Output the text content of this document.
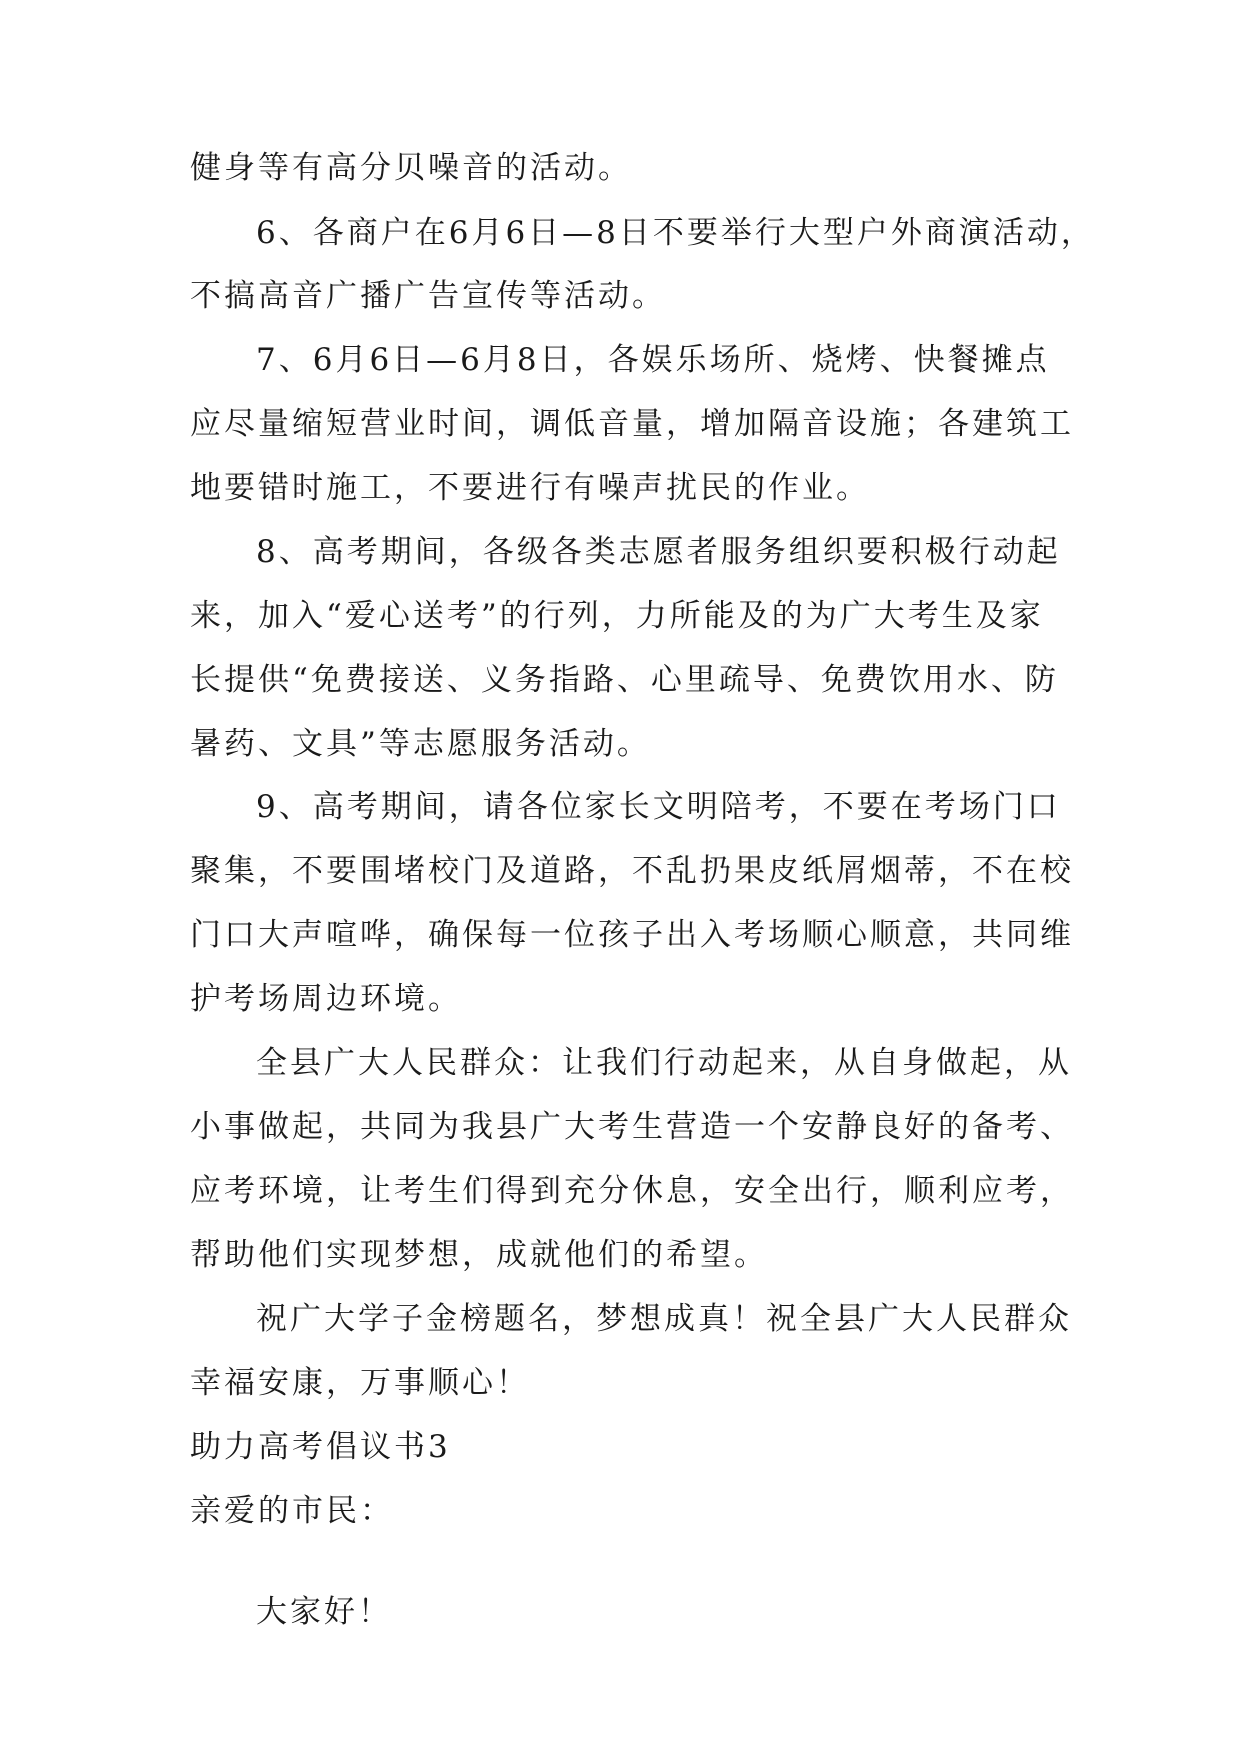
健身等有高分贝噪音的活动。
6、各商户在6月6日—8日不要举行大型户外商演活动，
不搞高音广播广告宣传等活动。
7、6月6日—6月8日，各娱乐场所、烧烤、快餐摊点
应尽量缩短营业时间，调低音量，增加隔音设施；各建筑工
地要错时施工，不要进行有噪声扰民的作业。
8、高考期间，各级各类志愿者服务组织要积极行动起
来，加入“爱心送考”的行列，力所能及的为广大考生及家
长提供“免费接送、义务指路、心里疏导、免费饮用水、防
暑药、文具”等志愿服务活动。
9、高考期间，请各位家长文明陪考，不要在考场门口
聚集，不要围堵校门及道路，不乱扔果皮纸屑烟蒂，不在校
门口大声喧哗，确保每一位孩子出入考场顺心顺意，共同维
护考场周边环境。
全县广大人民群众：让我们行动起来，从自身做起，从
小事做起，共同为我县广大考生营造一个安静良好的备考、
应考环境，让考生们得到充分休息，安全出行，顺利应考，
帮助他们实现梦想，成就他们的希望。
祝广大学子金榜题名，梦想成真！祝全县广大人民群众
幸福安康，万事顺心！
助力高考倡议书3
亲爱的市民：
大家好！
